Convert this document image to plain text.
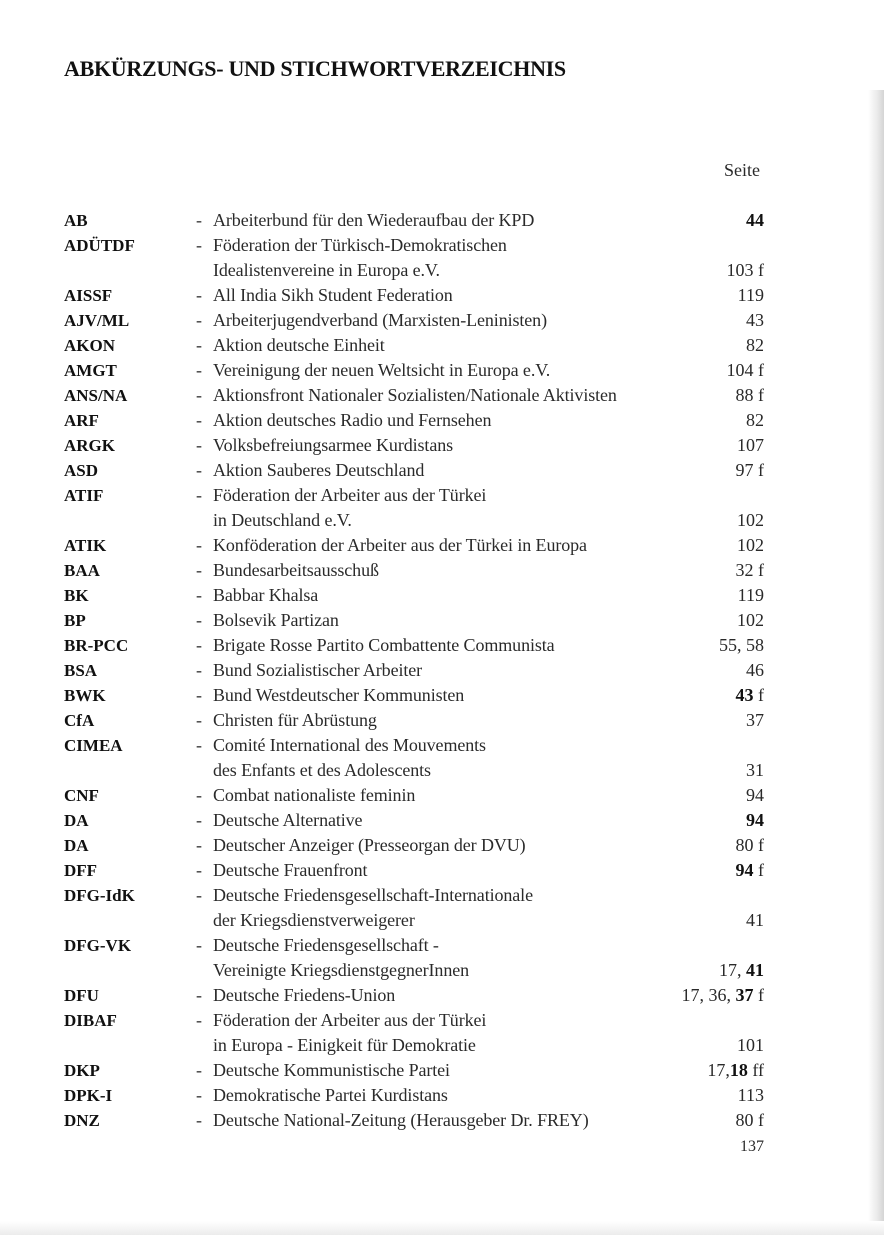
ABKÜRZUNGS- UND STICHWORTVERZEICHNIS
Seite
AB	- Arbeiterbund für den Wiederaufbau der KPD	44
ADÜTDF	- Föderation der Türkisch-Demokratischen
Idealistenvereine in Europa e.V.	103 f
AISSF	- All India Sikh Student Federation	119
AJV/ML	- Arbeiterjugendverband (Marxisten-Leninisten)	43
AKON	- Aktion deutsche Einheit	82
AMGT	- Vereinigung der neuen Weltsicht in Europa e.V.	104 f
ANS/NA	- Aktionsfront Nationaler Sozialisten/Nationale Aktivisten	88 f
ARF	- Aktion deutsches Radio und Fernsehen	82
ARGK	- Volksbefreiungsarmee Kurdistans	107
ASD	- Aktion Sauberes Deutschland	97 f
ATIF	- Föderation der Arbeiter aus der Türkei
in Deutschland e.V.	102
ATIK	- Konföderation der Arbeiter aus der Türkei in Europa	102
BAA	- Bundesarbeitsausschuß	32 f
BK	- Babbar Khalsa	119
BP	- Bolsevik Partizan	102
BR-PCC	- Brigate Rosse Partito Combattente Communista	55, 58
BSA	- Bund Sozialistischer Arbeiter	46
BWK	- Bund Westdeutscher Kommunisten	43 f
CfA	- Christen für Abrüstung	37
CIMEA	- Comité International des Mouvements
des Enfants et des Adolescents	31
CNF	- Combat nationaliste feminin	94
DA	- Deutsche Alternative	94
DA	- Deutscher Anzeiger (Presseorgan der DVU)	80 f
DFF	- Deutsche Frauenfront	94 f
DFG-IdK	- Deutsche Friedensgesellschaft-Internationale
der Kriegsdienstverweigerer	41
DFG-VK	- Deutsche Friedensgesellschaft -
Vereinigte KriegsdienstgegnerInnen	17, 41
DFU	- Deutsche Friedens-Union	17, 36, 37 f
DIBAF	- Föderation der Arbeiter aus der Türkei
in Europa - Einigkeit für Demokratie	101
DKP	- Deutsche Kommunistische Partei	17,18 ff
DPK-I	- Demokratische Partei Kurdistans	113
DNZ	- Deutsche National-Zeitung (Herausgeber Dr. FREY)	80 f
137
